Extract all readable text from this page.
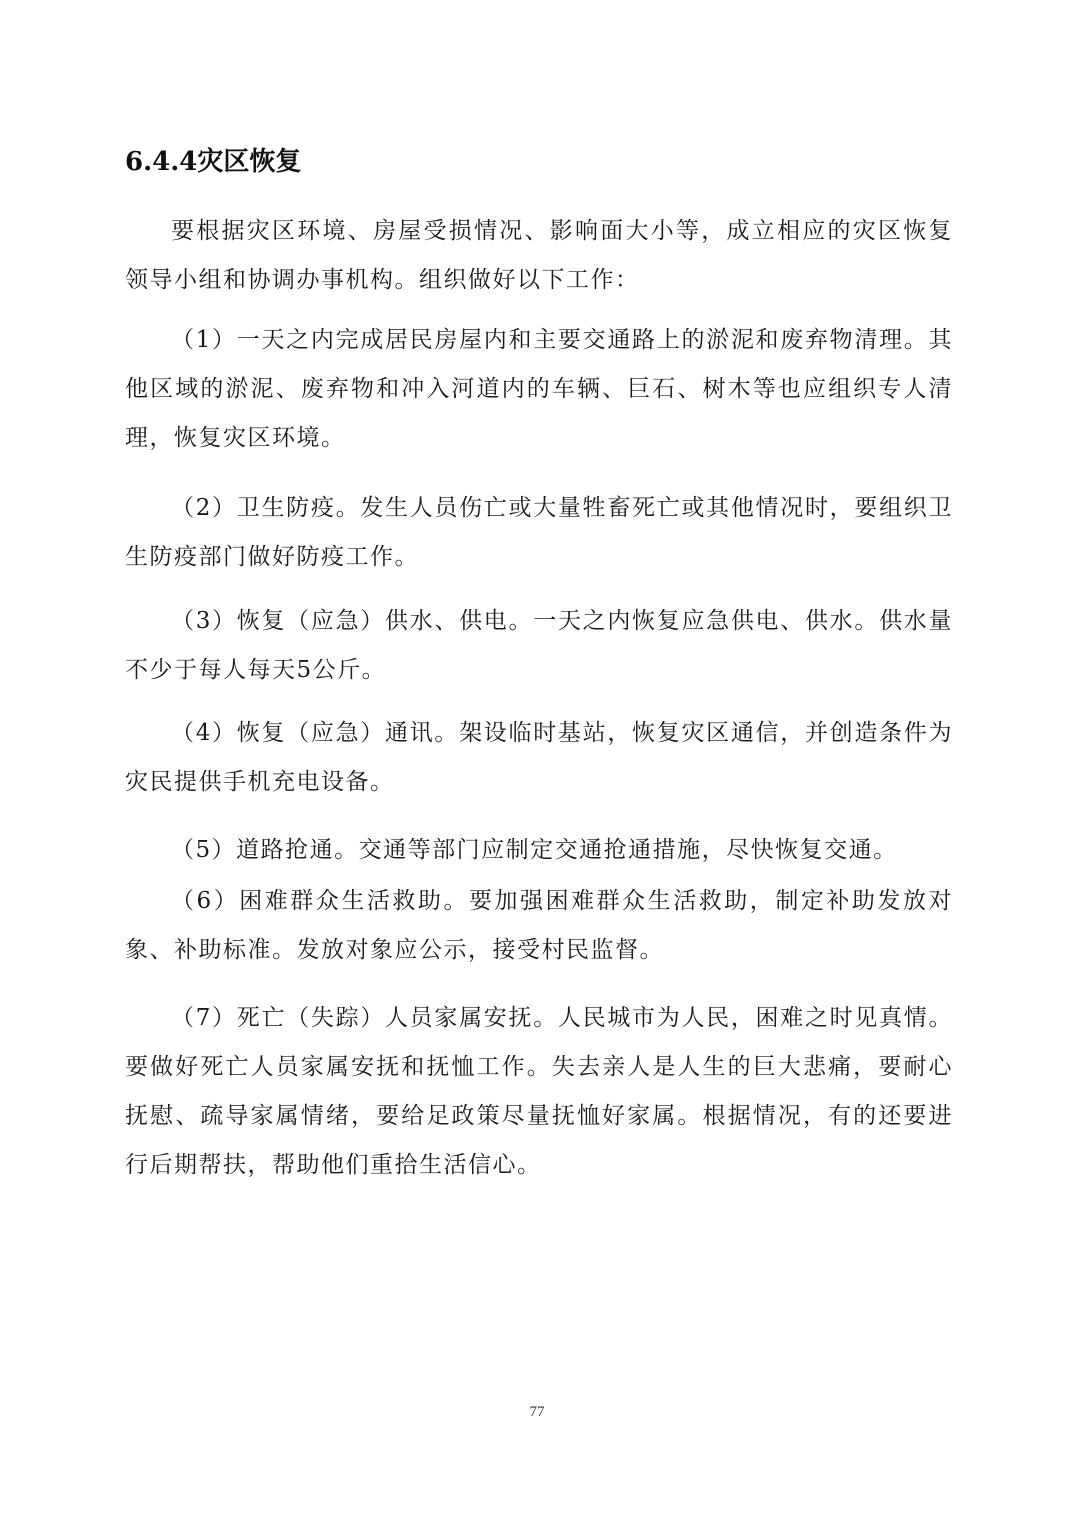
6.4.4灾区恢复

要根据灾区环境、房屋受损情况、影响面大小等，成立相应的灾区恢复领导小组和协调办事机构。组织做好以下工作：

（1）一天之内完成居民房屋内和主要交通路上的淤泥和废弃物清理。其他区域的淤泥、废弃物和冲入河道内的车辆、巨石、树木等也应组织专人清理，恢复灾区环境。

（2）卫生防疫。发生人员伤亡或大量牲畜死亡或其他情况时，要组织卫生防疫部门做好防疫工作。

（3）恢复（应急）供水、供电。一天之内恢复应急供电、供水。供水量不少于每人每天5公斤。

（4）恢复（应急）通讯。架设临时基站，恢复灾区通信，并创造条件为灾民提供手机充电设备。

（5）道路抢通。交通等部门应制定交通抢通措施，尽快恢复交通。

（6）困难群众生活救助。要加强困难群众生活救助，制定补助发放对象、补助标准。发放对象应公示，接受村民监督。

（7）死亡（失踪）人员家属安抚。人民城市为人民，困难之时见真情。要做好死亡人员家属安抚和抚恤工作。失去亲人是人生的巨大悲痛，要耐心抚慰、疏导家属情绪，要给足政策尽量抚恤好家属。根据情况，有的还要进行后期帮扶，帮助他们重拾生活信心。

77
